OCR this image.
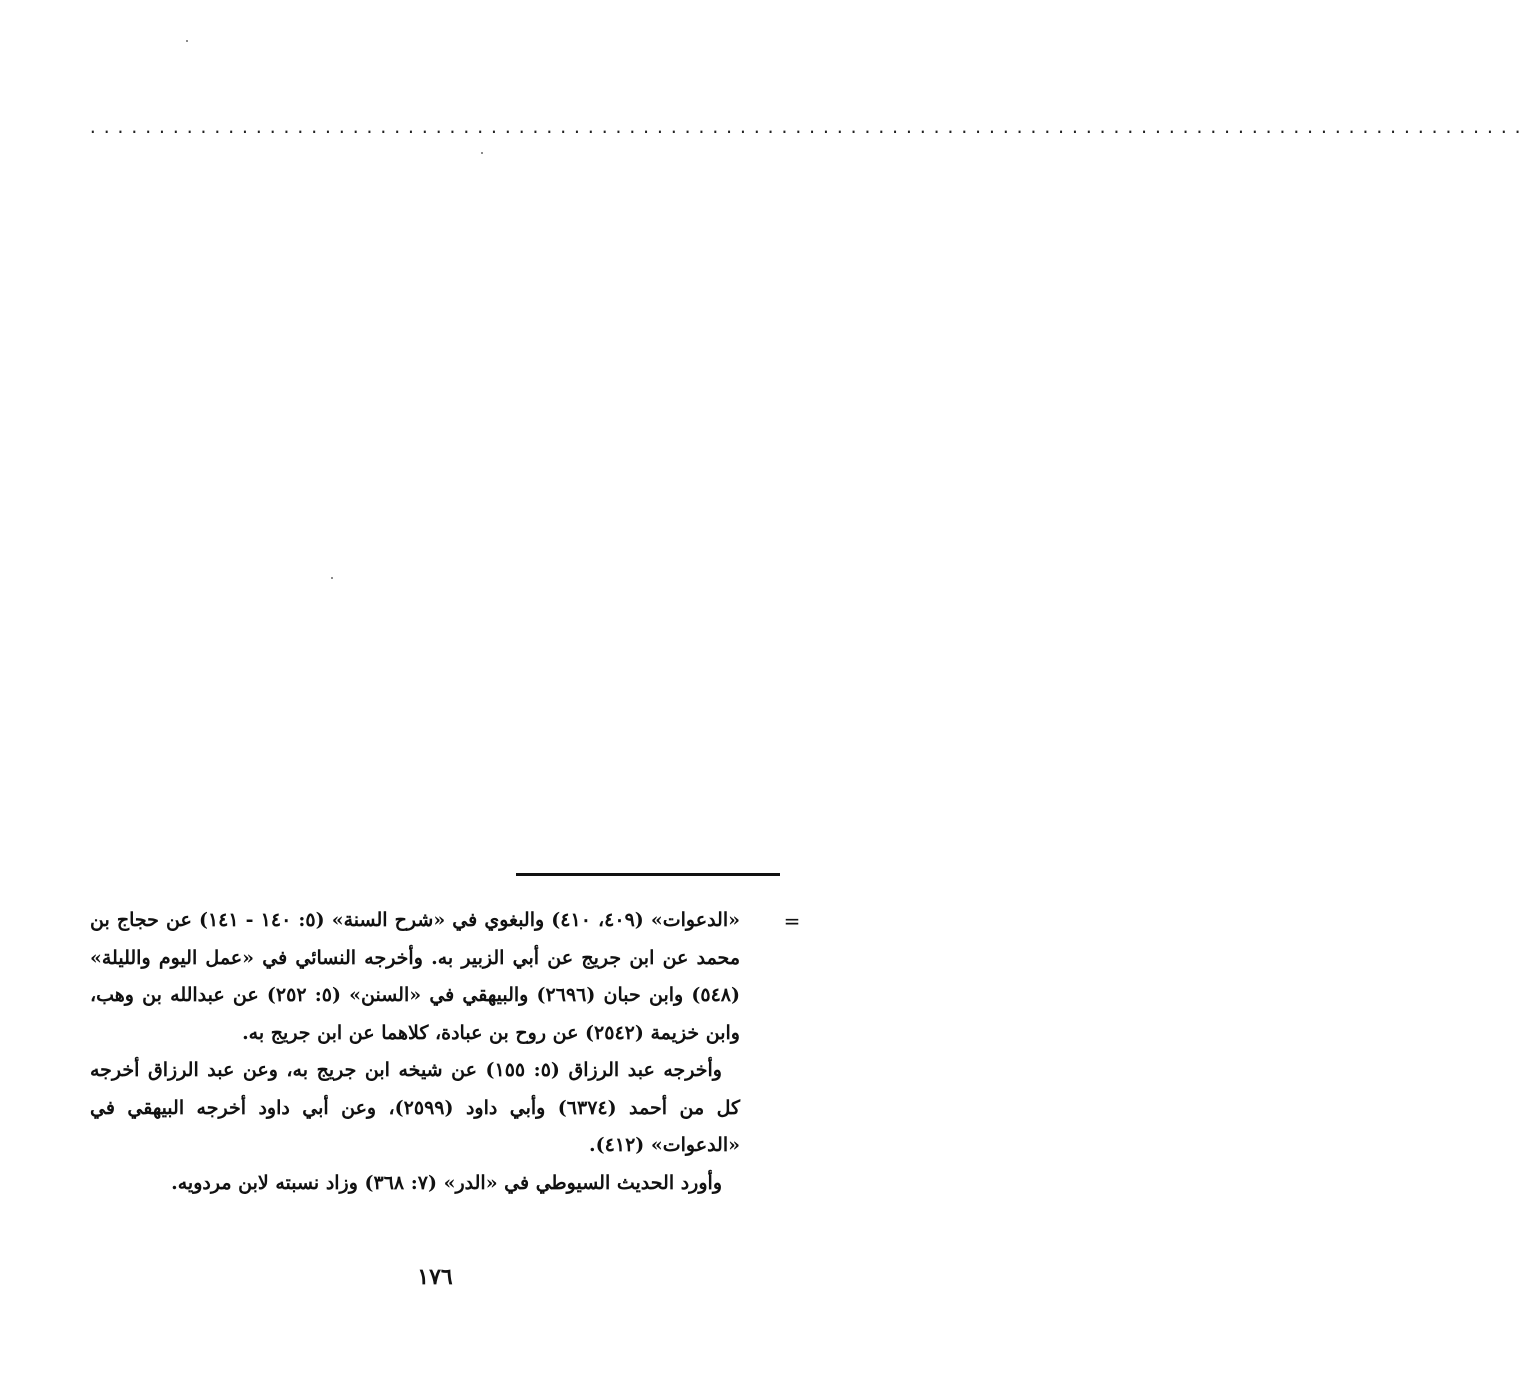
........................................................................................................
=

«الدعوات» (٤٠٩، ٤١٠) والبغوي في «شرح السنة» (٥: ١٤٠ - ١٤١) عن حجاج بن محمد عن ابن جريج عن أبي الزبير به. وأخرجه النسائي في «عمل اليوم والليلة» (٥٤٨) وابن حبان (٢٦٩٦) والبيهقي في «السنن» (٥: ٢٥٢) عن عبدالله بن وهب، وابن خزيمة (٢٥٤٢) عن روح بن عبادة، كلاهما عن ابن جريج به.

وأخرجه عبد الرزاق (٥: ١٥٥) عن شيخه ابن جريج به، وعن عبد الرزاق أخرجه كل من أحمد (٦٣٧٤) وأبي داود (٢٥٩٩)، وعن أبي داود أخرجه البيهقي في «الدعوات» (٤١٢).

وأورد الحديث السيوطي في «الدر» (٧: ٣٦٨) وزاد نسبته لابن مردويه.

١٧٦
